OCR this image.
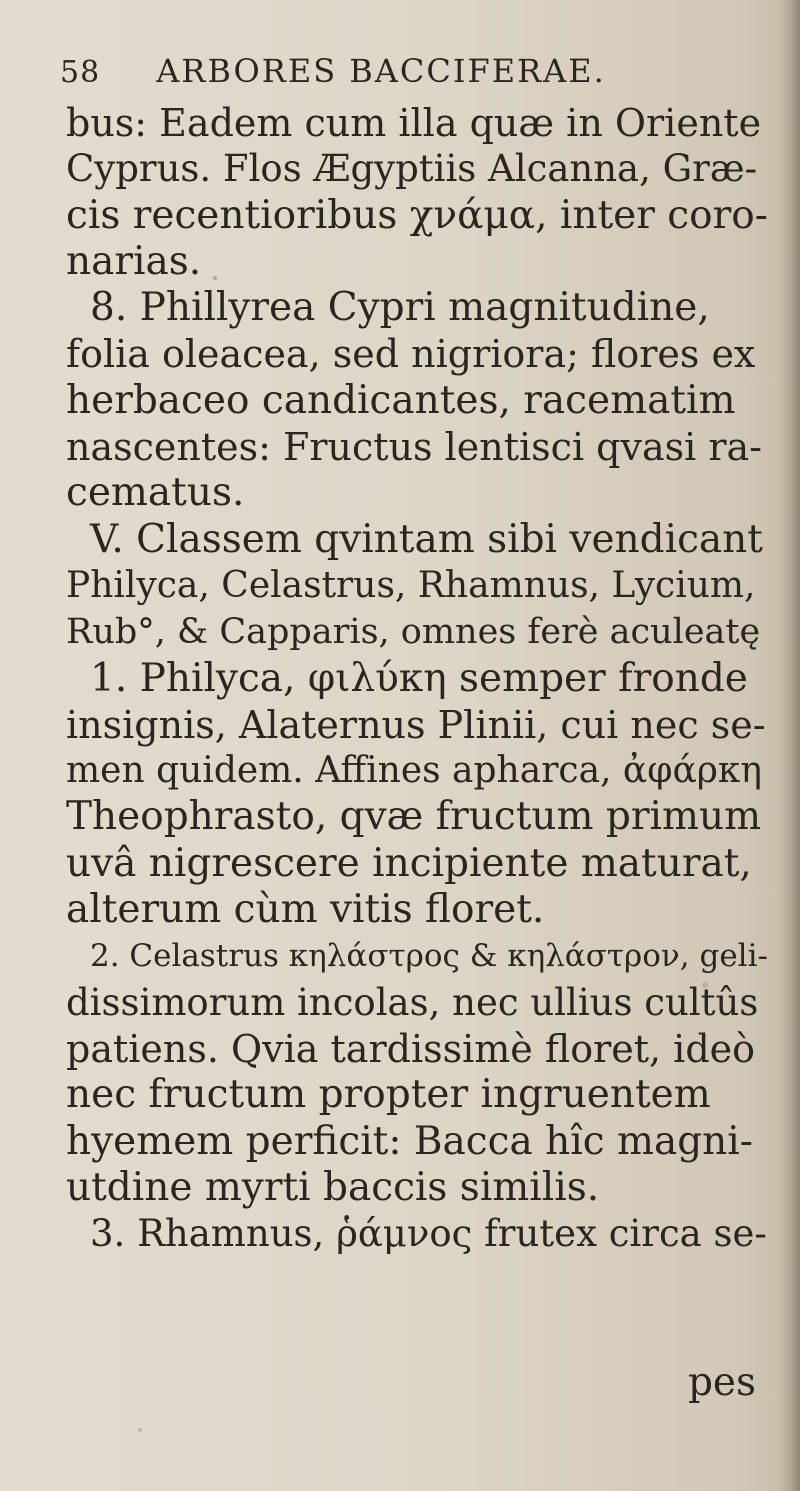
58 ARBORES BACCIFERAE.
bus: Eadem cum illa quæ in Oriente
Cyprus. Flos Ægyptiis Alcanna, Græ-
cis recentioribus χνάμα, inter coro-
narias.
8. Phillyrea Cypri magnitudine,
folia oleacea, sed nigriora; flores ex
herbaceo candicantes, racematim
nascentes: Fructus lentisci qvasi ra-
cematus.
V. Classem qvintam sibi vendicant
Philyca, Celastrus, Rhamnus, Lycium,
Rub°, & Capparis, omnes ferè aculeatę
1. Philyca, φιλύκη semper fronde
insignis, Alaternus Plinii, cui nec se-
men quidem. Affines apharca, ἀφάρκη
Theophrasto, qvæ fructum primum
uvâ nigrescere incipiente maturat,
alterum cùm vitis floret.
2. Celastrus κηλάστρος & κηλάστρον, geli-
dissimorum incolas, nec ullius cultûs
patiens. Qvia tardissimè floret, ideò
nec fructum propter ingruentem
hyemem perficit: Bacca hîc magni-
utdine myrti baccis similis.
3. Rhamnus, ῥάμνος frutex circa se-
pes
